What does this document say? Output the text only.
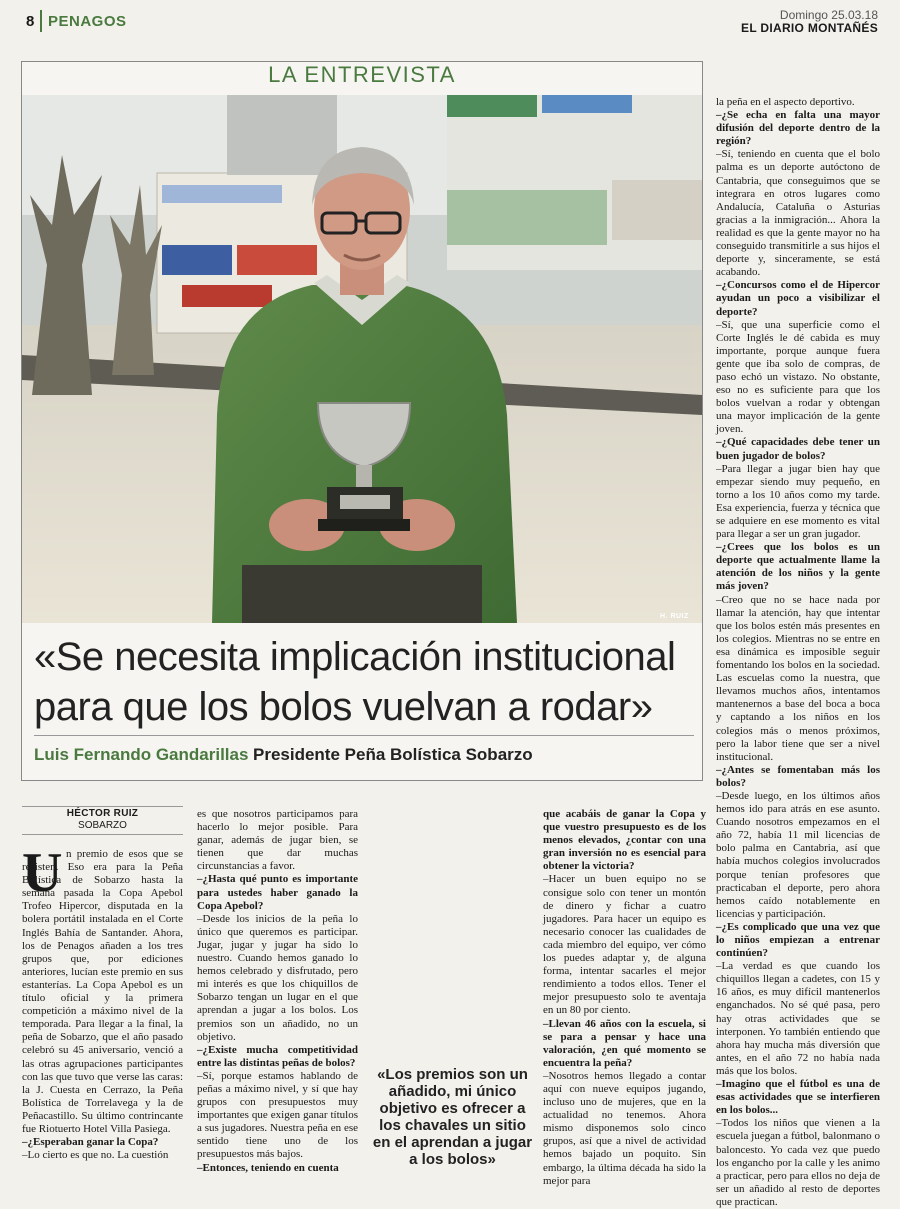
8 PENAGOS	Domingo 25.03.18
EL DIARIO MONTAÑÉS
LA ENTREVISTA
H. RUIZ
«Se necesita implicación institucional
para que los bolos vuelvan a rodar»
Luis Fernando Gandarillas Presidente Peña Bolística Sobarzo
HÉCTOR RUIZ
SOBARZO
U n premio de esos que se resisten. Eso era para la Peña Bolística de Sobarzo hasta la semana pasada la Copa Apebol Trofeo Hipercor, disputada en la bolera portátil instalada en el Corte Inglés Bahía de Santander. Ahora, los de Penagos añaden a los tres grupos que, por ediciones anteriores, lucían este premio en sus estanterías. La Copa Apebol es un título oficial y la primera competición a máximo nivel de la temporada. Para llegar a la final, la peña de Sobarzo, que el año pasado celebró su 45 aniversario, venció a las otras agrupaciones participantes con las que tuvo que verse las caras: la J. Cuesta en Cerrazo, la Peña Bolística de Torrelavega y la de Peñacastillo. Su último contrincante fue Riotuerto Hotel Villa Pasiega.

–¿Esperaban ganar la Copa?

–Lo cierto es que no. La cuestión

es que nosotros participamos para hacerlo lo mejor posible. Para ganar, además de jugar bien, se tienen que dar muchas circunstancias a favor.

–¿Hasta qué punto es importante para ustedes haber ganado la Copa Apebol?

–Desde los inicios de la peña lo único que queremos es participar. Jugar, jugar y jugar ha sido lo nuestro. Cuando hemos ganado lo hemos celebrado y disfrutado, pero mi interés es que los chiquillos de Sobarzo tengan un lugar en el que aprendan a jugar a los bolos. Los premios son un añadido, no un objetivo.

–¿Existe mucha competitividad entre las distintas peñas de bolos?

–Sí, porque estamos hablando de peñas a máximo nivel, y sí que hay grupos con presupuestos muy importantes que exigen ganar títulos a sus jugadores. Nuestra peña en ese sentido tiene uno de los presupuestos más bajos.

–Entonces, teniendo en cuenta

que acabáis de ganar la Copa y que vuestro presupuesto es de los menos elevados, ¿contar con una gran inversión no es esencial para obtener la victoria?

–Hacer un buen equipo no se consigue solo con tener un montón de dinero y fichar a cuatro jugadores. Para hacer un equipo es necesario conocer las cualidades de cada miembro del equipo, ver cómo los puedes adaptar y, de alguna forma, intentar sacarles el mejor rendimiento a todos ellos. Tener el mejor presupuesto solo te aventaja en un 80 por ciento.

–Llevan 46 años con la escuela, si se para a pensar y hace una valoración, ¿en qué momento se encuentra la peña?

–Nosotros hemos llegado a contar aquí con nueve equipos jugando, incluso uno de mujeres, que en la actualidad no tenemos. Ahora mismo disponemos solo cinco grupos, así que a nivel de actividad hemos bajado un poquito. Sin embargo, la última década ha sido la mejor para

la peña en el aspecto deportivo.

–¿Se echa en falta una mayor difusión del deporte dentro de la región?

–Sí, teniendo en cuenta que el bolo palma es un deporte autóctono de Cantabria, que conseguimos que se integrara en otros lugares como Andalucía, Cataluña o Asturias gracias a la inmigración... Ahora la realidad es que la gente mayor no ha conseguido transmitirle a sus hijos el deporte y, sinceramente, se está acabando.

–¿Concursos como el de Hipercor ayudan un poco a visibilizar el deporte?

–Sí, que una superficie como el Corte Inglés le dé cabida es muy importante, porque aunque fuera gente que iba solo de compras, de paso echó un vistazo. No obstante, eso no es suficiente para que los bolos vuelvan a rodar y obtengan una mayor implicación de la gente joven.

–¿Qué capacidades debe tener un buen jugador de bolos?

–Para llegar a jugar bien hay que empezar siendo muy pequeño, en torno a los 10 años como my tarde. Esa experiencia, fuerza y técnica que se adquiere en ese momento es vital para llegar a ser un gran jugador.

–¿Crees que los bolos es un deporte que actualmente llame la atención de los niños y la gente más joven?

–Creo que no se hace nada por llamar la atención, hay que intentar que los bolos estén más presentes en los colegios. Mientras no se entre en esa dinámica es imposible seguir fomentando los bolos en la sociedad. Las escuelas como la nuestra, que llevamos muchos años, intentamos mantenernos a base del boca a boca y captando a los niños en los colegios más o menos próximos, pero la labor tiene que ser a nivel institucional.

–¿Antes se fomentaban más los bolos?

–Desde luego, en los últimos años hemos ido para atrás en ese asunto. Cuando nosotros empezamos en el año 72, había 11 mil licencias de bolo palma en Cantabria, así que había muchos colegios involucrados porque tenían profesores que practicaban el deporte, pero ahora hemos caído notablemente en licencias y participación.

–¿Es complicado que una vez que lo niños empiezan a entrenar continúen?

–La verdad es que cuando los chiquillos llegan a cadetes, con 15 y 16 años, es muy difícil mantenerlos enganchados. No sé qué pasa, pero hay otras actividades que se interponen. Yo también entiendo que ahora hay mucha más diversión que antes, en el año 72 no había nada más que los bolos.

–Imagino que el fútbol es una de esas actividades que se interfieren en los bolos...

–Todos los niños que vienen a la escuela juegan a fútbol, balonmano o baloncesto. Yo cada vez que puedo los engancho por la calle y les animo a practicar, pero para ellos no deja de ser un añadido al resto de deportes que practican.

«Los premios son un añadido, mi único objetivo es ofrecer a los chavales un sitio en el aprendan a jugar a los bolos»
